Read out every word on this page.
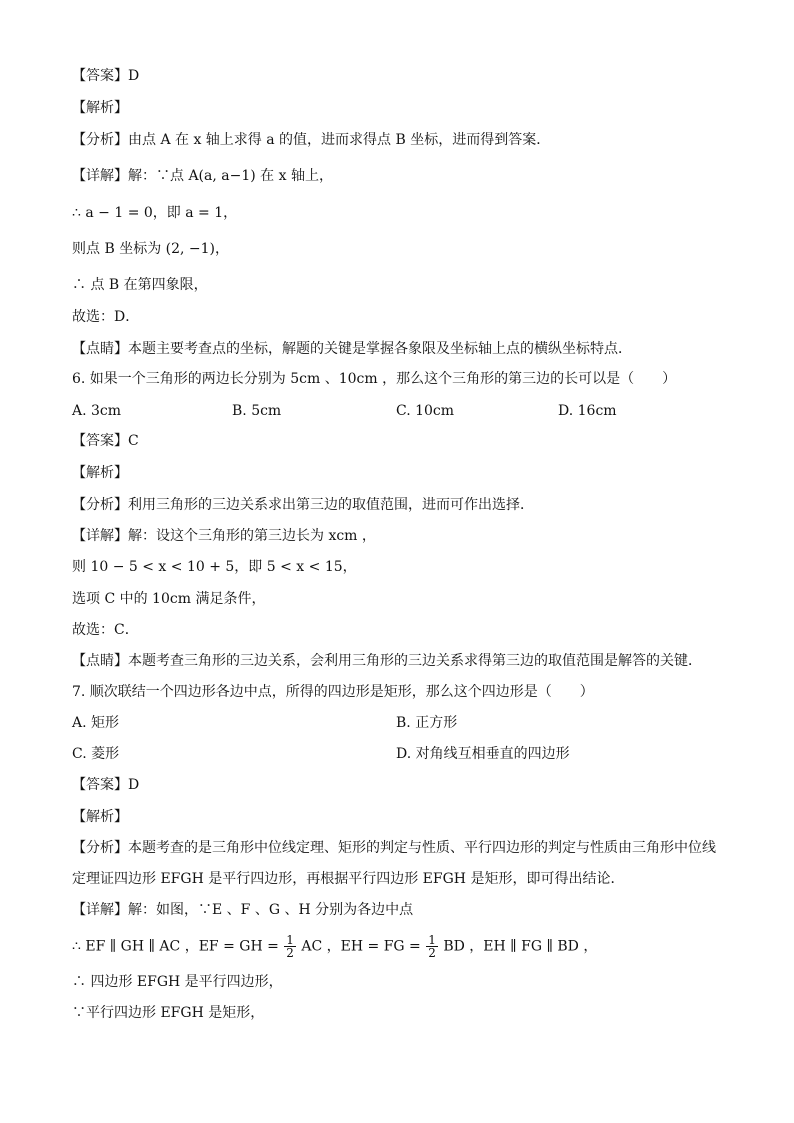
【答案】D
【解析】
【分析】由点 A 在 x 轴上求得 a 的值，进而求得点 B 坐标，进而得到答案．
【详解】解：∵点 A(a, a−1) 在 x 轴上，
∴ a − 1 = 0，即 a = 1，
则点 B 坐标为 (2, −1)，
∴ 点 B 在第四象限，
故选：D．
【点睛】本题主要考查点的坐标，解题的关键是掌握各象限及坐标轴上点的横纵坐标特点．
6. 如果一个三角形的两边长分别为 5cm 、10cm ，那么这个三角形的第三边的长可以是（　　）
A. 3cm	B. 5cm	C. 10cm	D. 16cm
【答案】C
【解析】
【分析】利用三角形的三边关系求出第三边的取值范围，进而可作出选择．
【详解】解：设这个三角形的第三边长为 xcm ，
则 10 − 5 < x < 10 + 5，即 5 < x < 15，
选项 C 中的 10cm 满足条件，
故选：C．
【点睛】本题考查三角形的三边关系，会利用三角形的三边关系求得第三边的取值范围是解答的关键．
7. 顺次联结一个四边形各边中点，所得的四边形是矩形，那么这个四边形是（　　）
A. 矩形	B. 正方形
C. 菱形	D. 对角线互相垂直的四边形
【答案】D
【解析】
【分析】本题考查的是三角形中位线定理、矩形的判定与性质、平行四边形的判定与性质由三角形中位线
定理证四边形 EFGH 是平行四边形，再根据平行四边形 EFGH 是矩形，即可得出结论．
【详解】解：如图，∵E 、F 、G 、H 分别为各边中点
∴ EF ∥ GH ∥ AC ，EF = GH = $\frac{1}{2}$ AC ，EH = FG = $\frac{1}{2}$ BD ，EH ∥ FG ∥ BD ，
∴ 四边形 EFGH 是平行四边形，
∵平行四边形 EFGH 是矩形，
